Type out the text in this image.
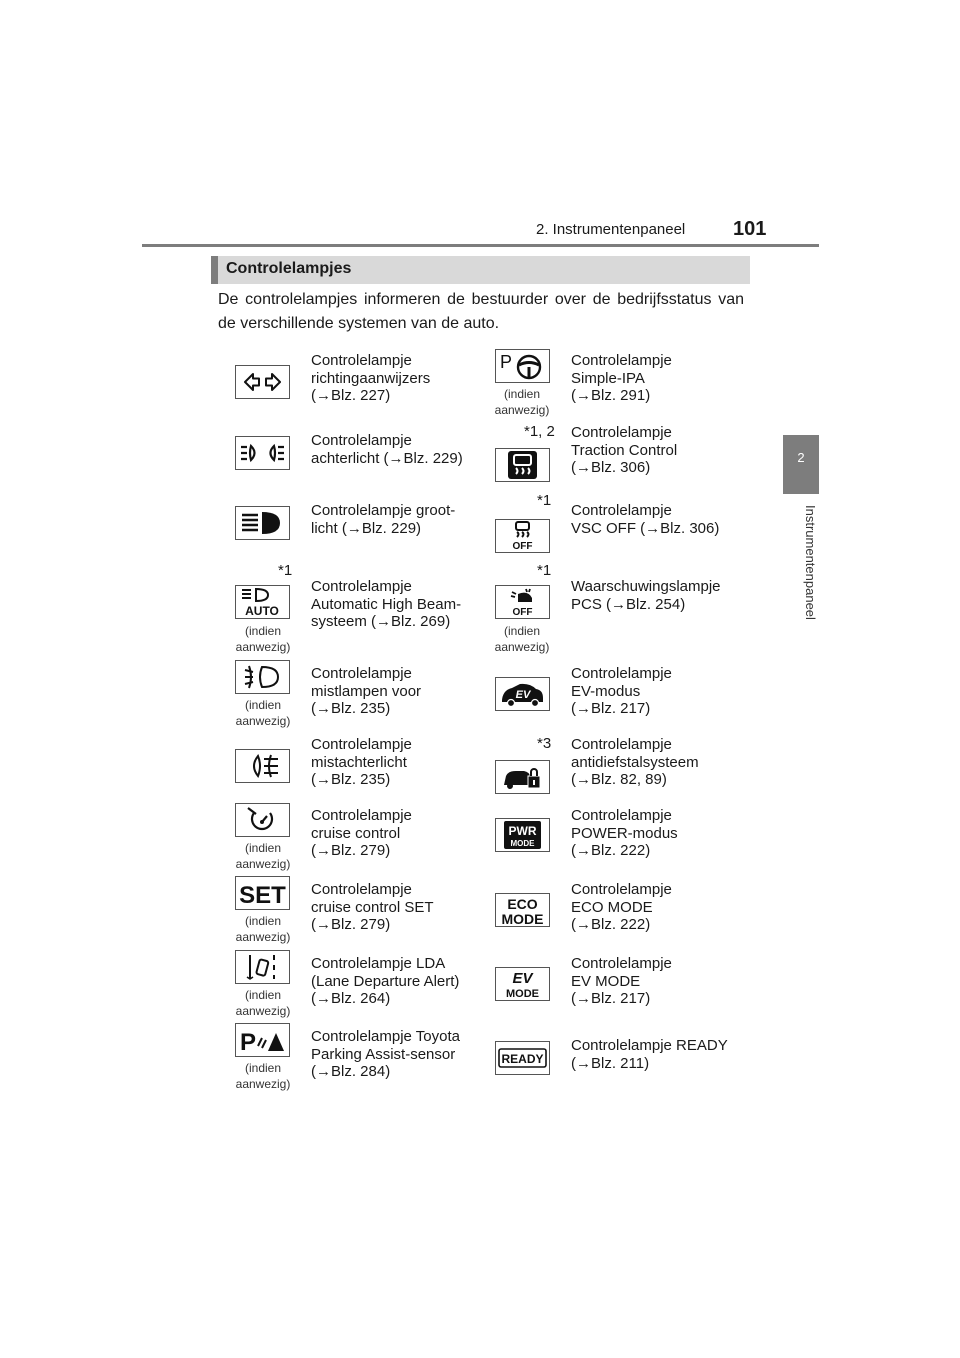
2. Instrumentenpaneel 101
2
Instrumentenpaneel
Controlelampjes
De controlelampjes informeren de bestuurder over de bedrijfsstatus van de verschillende systemen van de auto.
Controlelampje
richtingaanwijzers
(→Blz. 227)
Controlelampje
achterlicht (→Blz. 229)
Controlelampje groot-
licht (→Blz. 229)
*1
AUTO
(indien
aanwezig)
Controlelampje
Automatic High Beam-
systeem (→Blz. 269)
(indien
aanwezig)
Controlelampje
mistlampen voor
(→Blz. 235)
Controlelampje
mistachterlicht
(→Blz. 235)
(indien
aanwezig)
Controlelampje
cruise control
(→Blz. 279)
SET
(indien
aanwezig)
Controlelampje
cruise control SET
(→Blz. 279)
(indien
aanwezig)
Controlelampje LDA
(Lane Departure Alert)
(→Blz. 264)
P
(indien
aanwezig)
Controlelampje Toyota
Parking Assist-sensor
(→Blz. 284)
P
(indien
aanwezig)
Controlelampje
Simple-IPA
(→Blz. 291)
*1, 2 Controlelampje
Traction Control
(→Blz. 306)
*1
OFF
Controlelampje
VSC OFF (→Blz. 306)
*1
OFF
(indien
aanwezig)
Waarschuwingslampje
PCS (→Blz. 254)
EV
Controlelampje
EV-modus
(→Blz. 217)
*3 Controlelampje
antidiefstalsysteem
(→Blz. 82, 89)
PWR
MODE
Controlelampje
POWER-modus
(→Blz. 222)
ECO
MODE
Controlelampje
ECO MODE
(→Blz. 222)
EV
MODE
Controlelampje
EV MODE
(→Blz. 217)
READY
Controlelampje READY
(→Blz. 211)
